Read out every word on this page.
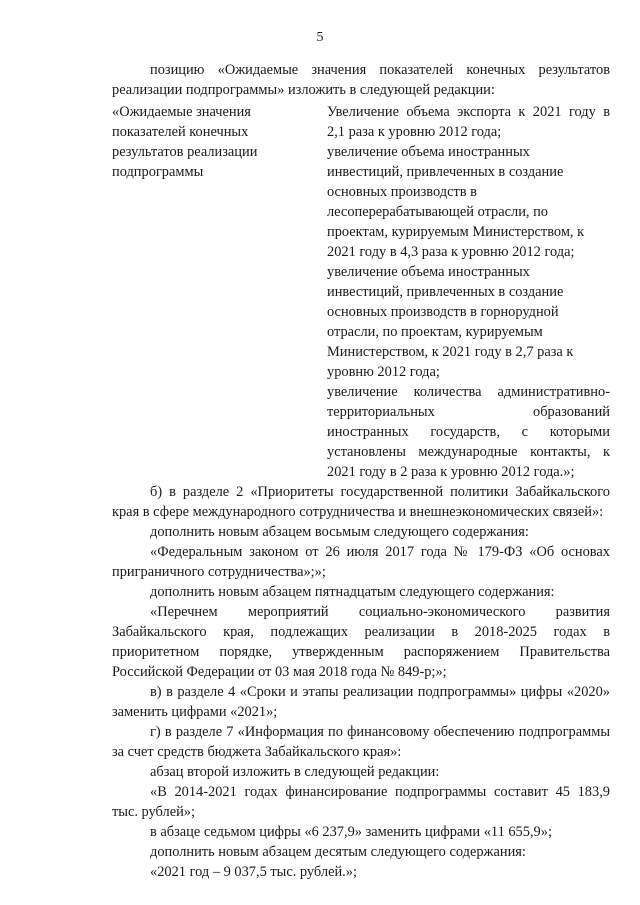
5

позицию «Ожидаемые значения показателей конечных результатов реализации подпрограммы» изложить в следующей редакции:

«Ожидаемые значения
показателей конечных
результатов реализации
подпрограммы
Увеличение объема экспорта к 2021 году в
2,1 раза к уровню 2012 года;
увеличение объема иностранных
инвестиций, привлеченных в создание
основных производств в
лесоперерабатывающей отрасли, по
проектам, курируемым Министерством, к
2021 году в 4,3 раза к уровню 2012 года;
увеличение объема иностранных
инвестиций, привлеченных в создание
основных производств в горнорудной
отрасли, по проектам, курируемым
Министерством, к 2021 году в 2,7 раза к
уровню 2012 года;
увеличение количества административно-
территориальных образований
иностранных государств, с которыми
установлены международные контакты, к
2021 году в 2 раза к уровню 2012 года.»;

б) в разделе 2 «Приоритеты государственной политики Забайкальского края в сфере международного сотрудничества и внешнеэкономических связей»:

дополнить новым абзацем восьмым следующего содержания:

«Федеральным законом от 26 июля 2017 года № 179-ФЗ «Об основах приграничного сотрудничества»;»;

дополнить новым абзацем пятнадцатым следующего содержания:

«Перечнем мероприятий социально-экономического развития Забайкальского края, подлежащих реализации в 2018-2025 годах в приоритетном порядке, утвержденным распоряжением Правительства Российской Федерации от 03 мая 2018 года № 849-р;»;

в) в разделе 4 «Сроки и этапы реализации подпрограммы» цифры «2020» заменить цифрами «2021»;

г) в разделе 7 «Информация по финансовому обеспечению подпрограммы за счет средств бюджета Забайкальского края»:

абзац второй изложить в следующей редакции:

«В 2014-2021 годах финансирование подпрограммы составит 45 183,9 тыс. рублей»;

в абзаце седьмом цифры «6 237,9» заменить цифрами «11 655,9»;

дополнить новым абзацем десятым следующего содержания:

«2021 год – 9 037,5 тыс. рублей.»;
